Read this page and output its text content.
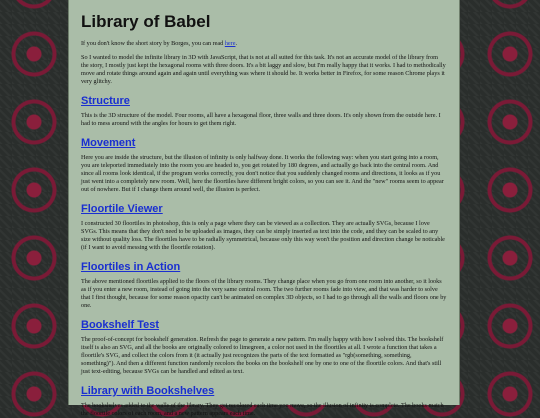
Library of Babel

If you don't know the short story by Borges, you can read here.

So I wanted to model the infinite library in 3D with JavaScript, that is not at all suited for this task. It's not an accurate model of the library from the story, I mostly just kept the hexagonal rooms with three doors. It's a bit laggy and slow, but I'm really happy that it works. I had to methodically move and rotate things around again and again until everything was where it should be. It works better in Firefox, for some reason Chrome plays it very glitchy.

Structure

This is the 3D structure of the model. Four rooms, all have a hexagonal floor, three walls and three doors. It's only shown from the outside here. I had to mess around with the angles for hours to get them right.

Movement

Here you are inside the structure, but the illusion of infinity is only halfway done. It works the following way: when you start going into a room, you are teleported immediately into the room you are headed to, you get rotated by 180 degrees, and actually go back into the central room. And since all rooms look identical, if the program works correctly, you don't notice that you suddenly changed rooms and directions, it looks as if you just went into a completely new room. Well, here the floortiles have different bright colors, so you can see it. And the "new" rooms seem to appear out of nowhere. But if I change them around well, the illusion is perfect.

Floortile Viewer

I constructed 30 floortiles in photoshop, this is only a page where they can be viewed as a collection. They are actually SVGs, because I love SVGs. This means that they don't need to be uploaded as images, they can be simply inserted as text into the code, and they can be scaled to any size without quality loss. The floortiles have to be radially symmetrical, because only this way won't the position and direction change be noticable (if I want to avoid messing with the floortile rotation).

Floortiles in Action

The above mentioned floortiles applied to the floors of the library rooms. They change place when you go from one room into another, so it looks as if you enter a new room, instead of going into the very same central room. The two further rooms fade into view, and that was harder to solve that I first thought, because for some reason opacity can't be animated on complex 3D objects, so I had to go through all the walls and floors one by one.

Bookshelf Test

The proof-of-concept for bookshelf generation. Refresh the page to generate a new pattern. I'm really happy with how I solved this. The bookshelf itself is also an SVG, and all the books are originally colored to limegreen, a color not used in the floortiles at all. I wrote a function that takes a floortile's SVG, and collect the colors from it (it actually just recognizes the parts of the text formatted as "rgb(something, something, something)"). And then a different function randomly recolors the books on the bookshelf one by one to one of the floortile colors. And that's still just text-editing, because SVGs can be handled and edited as text.

Library with Bookshelves

The bookshelves added to the walls of the library. They get recolored each time you move, so the illusion of infinity is complete. The books match the floortile colors of each room, and a new pattern appears each time.
